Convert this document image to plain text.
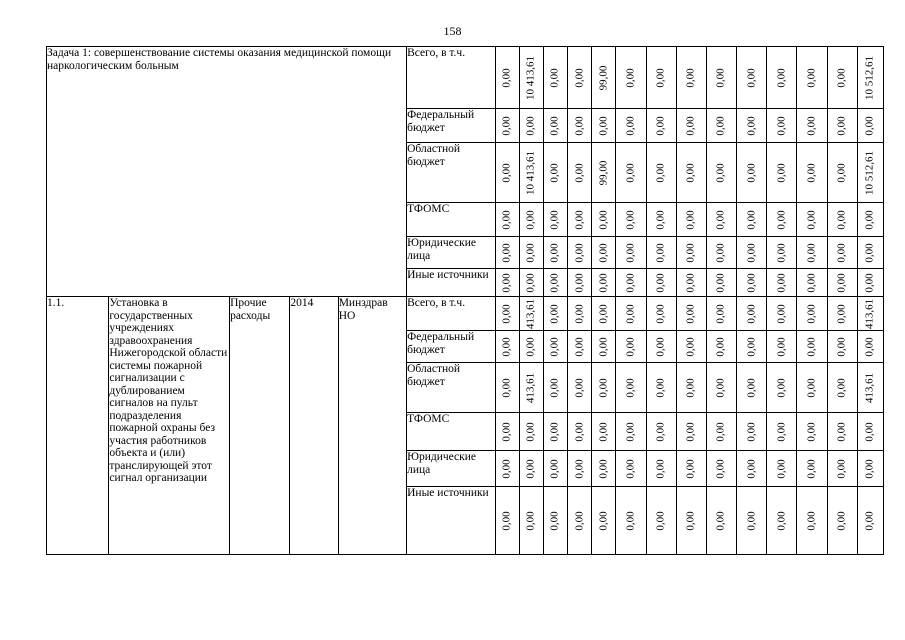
158
Задача 1: совершенствование системы оказания медицинской помощи наркологическим больным					Всего, в т.ч.	0,00	10 413,61	0,00	0,00	99,00	0,00	0,00	0,00	0,00	0,00	0,00	0,00	0,00	10 512,61

					Федеральный бюджет	0,00	0,00	0,00	0,00	0,00	0,00	0,00	0,00	0,00	0,00	0,00	0,00	0,00	0,00

					Областной бюджет	0,00	10 413,61	0,00	0,00	99,00	0,00	0,00	0,00	0,00	0,00	0,00	0,00	0,00	10 512,61

					ТФОМС	0,00	0,00	0,00	0,00	0,00	0,00	0,00	0,00	0,00	0,00	0,00	0,00	0,00	0,00

					Юридические лица	0,00	0,00	0,00	0,00	0,00	0,00	0,00	0,00	0,00	0,00	0,00	0,00	0,00	0,00

					Иные источники	0,00	0,00	0,00	0,00	0,00	0,00	0,00	0,00	0,00	0,00	0,00	0,00	0,00	0,00

1.1.	Установка в государственных учреждениях здравоохранения Нижегородской области системы пожарной сигнализации с дублированием сигналов на пульт подразделения пожарной охраны без участия работников объекта и (или) транслирующей этот сигнал организации	Прочие расходы	2014	Минздрав НО	Всего, в т.ч.	0,00	413,61	0,00	0,00	0,00	0,00	0,00	0,00	0,00	0,00	0,00	0,00	0,00	413,61

					Федеральный бюджет	0,00	0,00	0,00	0,00	0,00	0,00	0,00	0,00	0,00	0,00	0,00	0,00	0,00	0,00

					Областной бюджет	0,00	413,61	0,00	0,00	0,00	0,00	0,00	0,00	0,00	0,00	0,00	0,00	0,00	413,61

					ТФОМС	0,00	0,00	0,00	0,00	0,00	0,00	0,00	0,00	0,00	0,00	0,00	0,00	0,00	0,00

					Юридические лица	0,00	0,00	0,00	0,00	0,00	0,00	0,00	0,00	0,00	0,00	0,00	0,00	0,00	0,00

					Иные источники	0,00	0,00	0,00	0,00	0,00	0,00	0,00	0,00	0,00	0,00	0,00	0,00	0,00	0,00
